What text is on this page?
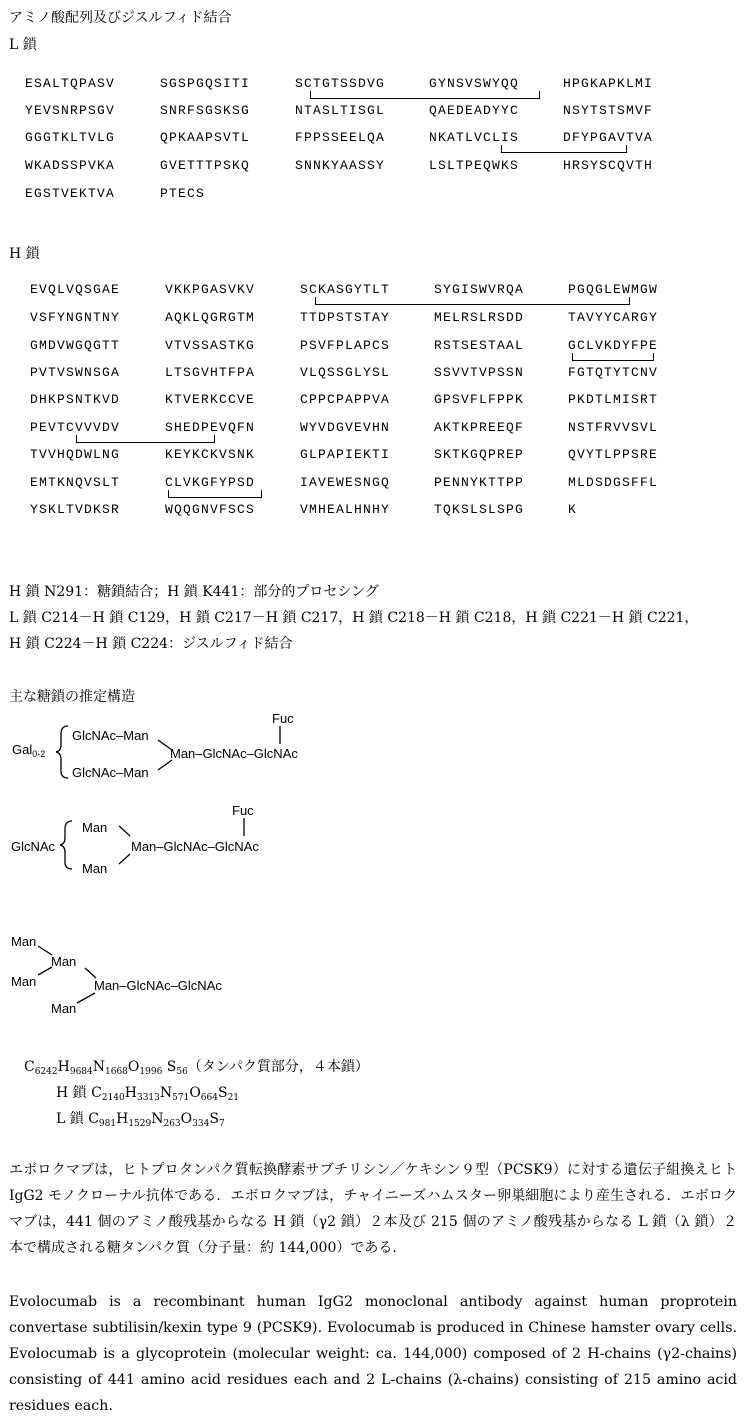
アミノ酸配列及びジスルフィド結合
L 鎖
ESALTQPASV	SGSPGQSITI	SCTGTSSDVG	GYNSVSWYQQ	HPGKAPKLMI
YEVSNRPSGV	SNRFSGSKSG	NTASLTISGL	QAEDEADYYC	NSYTSTSMVF
GGGTKLTVLG	QPKAAPSVTL	FPPSSEELQA	NKATLVCLIS	DFYPGAVTVA
WKADSSPVKA	GVETTTPSKQ	SNNKYAASSY	LSLTPEQWKS	HRSYSCQVTH
EGSTVEKTVA	PTECS
H 鎖
EVQLVQSGAE	VKKPGASVKV	SCKASGYTLT	SYGISWVRQA	PGQGLEWMGW
VSFYNGNTNY	AQKLQGRGTM	TTDPSTSTAY	MELRSLRSDD	TAVYYCARGY
GMDVWGQGTT	VTVSSASTKG	PSVFPLAPCS	RSTSESTAAL	GCLVKDYFPE
PVTVSWNSGA	LTSGVHTFPA	VLQSSGLYSL	SSVVTVPSSN	FGTQTYTCNV
DHKPSNTKVD	KTVERKCCVE	CPPCPAPPVA	GPSVFLFPPK	PKDTLMISRT
PEVTCVVVDV	SHEDPEVQFN	WYVDGVEVHN	AKTKPREEQF	NSTFRVVSVL
TVVHQDWLNG	KEYKCKVSNK	GLPAPIEKTI	SKTKGQPREP	QVYTLPPSRE
EMTKNQVSLT	CLVKGFYPSD	IAVEWESNGQ	PENNYKTTPP	MLDSDGSFFL
YSKLTVDKSR	WQQGNVFSCS	VMHEALHNHY	TQKSLSLSPG	K
H 鎖 N291：糖鎖結合；H 鎖 K441：部分的プロセシング
L 鎖 C214－H 鎖 C129，H 鎖 C217－H 鎖 C217，H 鎖 C218－H 鎖 C218，H 鎖 C221－H 鎖 C221，
H 鎖 C224－H 鎖 C224：ジスルフィド結合
主な糖鎖の推定構造
Gal$_{0-2}$
GlcNAc–Man
GlcNAc–Man
Man–GlcNAc–GlcNAc
Fuc
GlcNAc
Man
Man
Man–GlcNAc–GlcNAc
Fuc
Man
Man
Man
Man
Man–GlcNAc–GlcNAc
$C_{6242}H_{9684}N_{1668}O_{1996}$ $S_{56}$（タンパク質部分，４本鎖）
H 鎖 $C_{2140}H_{3313}N_{571}O_{664}S_{21}$
L 鎖 $C_{981}H_{1529}N_{263}O_{334}S_7$
エボロクマブは，ヒトプロタンパク質転換酵素サブチリシン／ケキシン９型（PCSK9）に対する遺伝子組換えヒト IgG2 モノクローナル抗体である．エボロクマブは，チャイニーズハムスター卵巣細胞により産生される．エボロクマブは，441 個のアミノ酸残基からなる H 鎖（γ2 鎖）２本及び 215 個のアミノ酸残基からなる L 鎖（λ 鎖）２本で構成される糖タンパク質（分子量：約 144,000）である．
Evolocumab is a recombinant human IgG2 monoclonal antibody against human proprotein convertase subtilisin/kexin type 9 (PCSK9). Evolocumab is produced in Chinese hamster ovary cells. Evolocumab is a glycoprotein (molecular weight: ca. 144,000) composed of 2 H-chains (γ2-chains) consisting of 441 amino acid residues each and 2 L-chains (λ-chains) consisting of 215 amino acid residues each.
